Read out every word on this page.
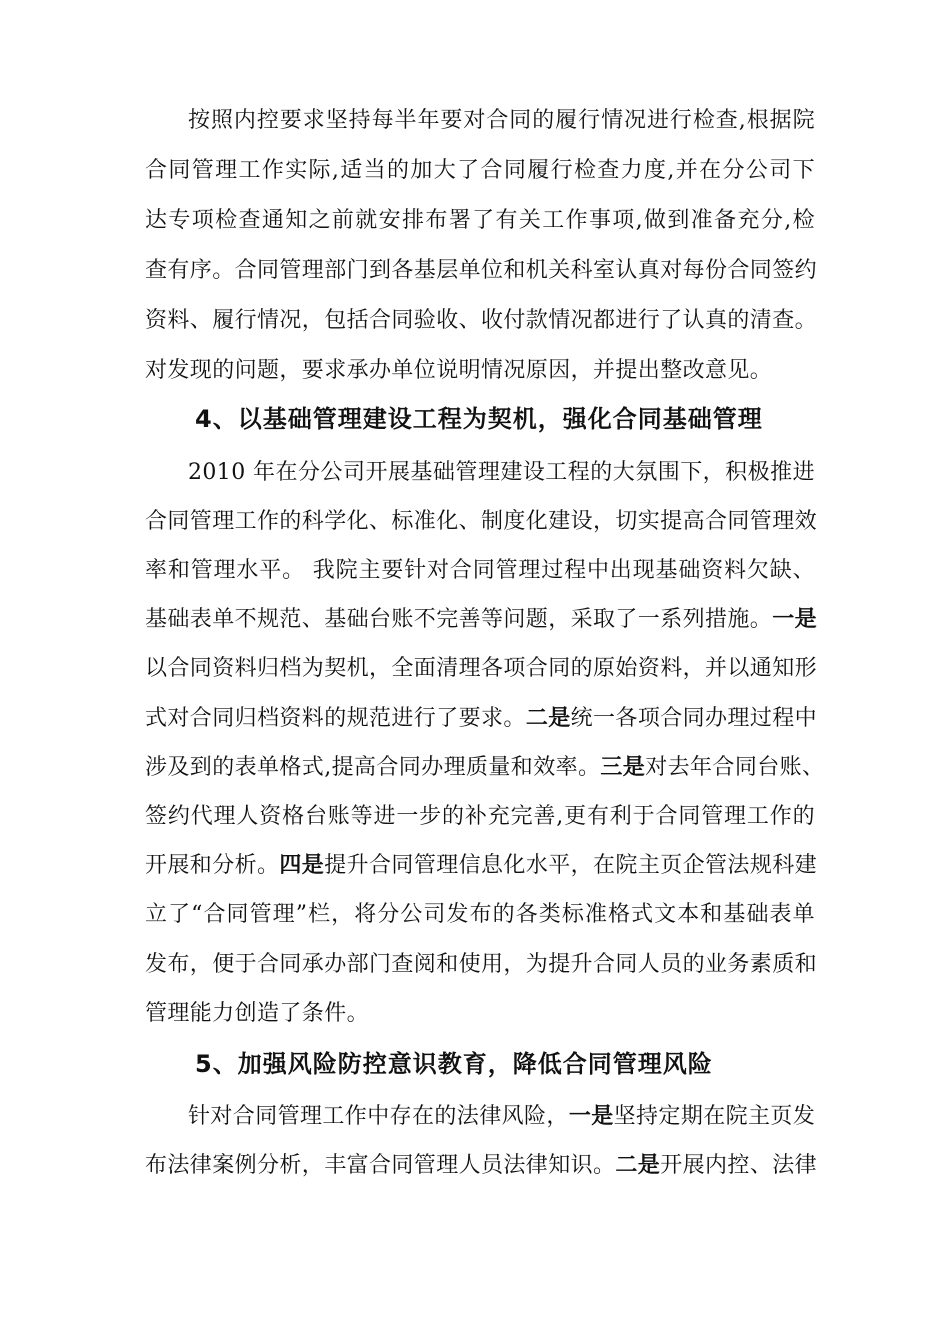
按照内控要求坚持每半年要对合同的履行情况进行检查,根据院
合同管理工作实际,适当的加大了合同履行检查力度,并在分公司下
达专项检查通知之前就安排布署了有关工作事项,做到准备充分,检
查有序。合同管理部门到各基层单位和机关科室认真对每份合同签约
资料、履行情况，包括合同验收、收付款情况都进行了认真的清查。
对发现的问题，要求承办单位说明情况原因，并提出整改意见。
4、以基础管理建设工程为契机，强化合同基础管理
2010 年在分公司开展基础管理建设工程的大氛围下，积极推进
合同管理工作的科学化、标准化、制度化建设，切实提高合同管理效
率和管理水平。 我院主要针对合同管理过程中出现基础资料欠缺、
基础表单不规范、基础台账不完善等问题，采取了一系列措施。一是
以合同资料归档为契机，全面清理各项合同的原始资料，并以通知形
式对合同归档资料的规范进行了要求。二是统一各项合同办理过程中
涉及到的表单格式,提高合同办理质量和效率。三是对去年合同台账、
签约代理人资格台账等进一步的补充完善,更有利于合同管理工作的
开展和分析。四是提升合同管理信息化水平，在院主页企管法规科建
立了“合同管理”栏，将分公司发布的各类标准格式文本和基础表单
发布，便于合同承办部门查阅和使用，为提升合同人员的业务素质和
管理能力创造了条件。
5、加强风险防控意识教育，降低合同管理风险
针对合同管理工作中存在的法律风险，一是坚持定期在院主页发
布法律案例分析，丰富合同管理人员法律知识。二是开展内控、法律
